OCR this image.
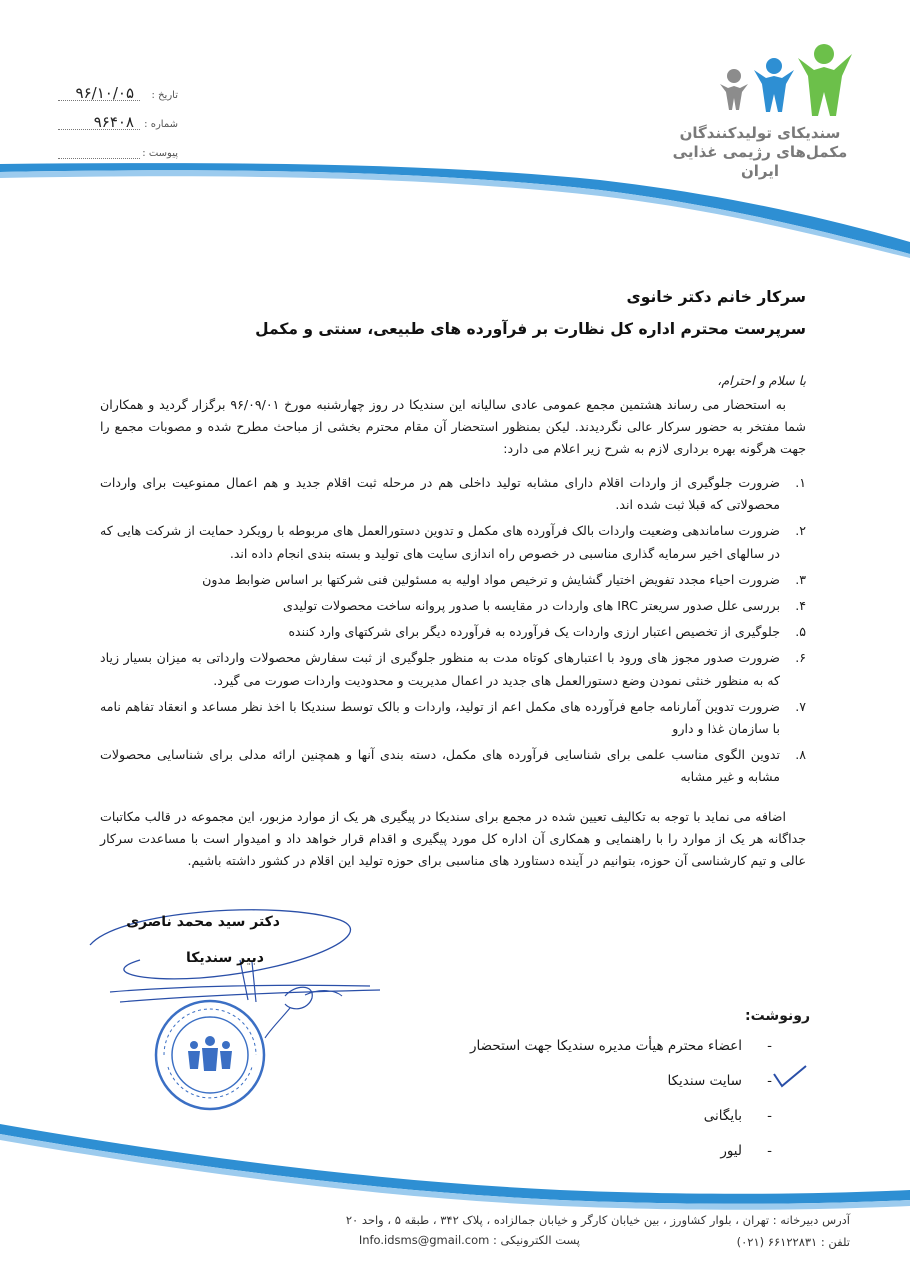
تاریخ :
۹۶/۱۰/۰۵
شماره :
۹۶۴۰۸
پیوست :
سندیکای تولیدکنندگان
مکمل‌های رژیمی غذایی
ایران
سرکار خانم دکتر خانوی
سرپرست محترم اداره کل نظارت بر فرآورده های طبیعی، سنتی و مکمل
با سلام و احترام،
به استحضار می رساند هشتمین مجمع عمومی عادی سالیانه این سندیکا در روز چهارشنبه مورخ ۹۶/۰۹/۰۱ برگزار گردید و همکاران شما مفتخر به حضور سرکار عالی نگردیدند. لیکن بمنظور استحضار آن مقام محترم بخشی از مباحث مطرح شده و مصوبات مجمع را جهت هرگونه بهره برداری لازم به شرح زیر اعلام می دارد:
۱.
ضرورت جلوگیری از واردات اقلام دارای مشابه تولید داخلی هم در مرحله ثبت اقلام جدید و هم اعمال ممنوعیت برای واردات محصولاتی که قبلا ثبت شده اند.
۲.
ضرورت ساماندهی وضعیت واردات بالک فرآورده های مکمل و تدوین دستورالعمل های مربوطه با رویکرد حمایت از شرکت هایی که در سالهای اخیر سرمایه گذاری مناسبی در خصوص راه اندازی سایت های تولید و بسته بندی انجام داده اند.
۳.
ضرورت احیاء مجدد تفویض اختیار گشایش و ترخیص مواد اولیه به مسئولین فنی شرکتها بر اساس ضوابط مدون
۴.
بررسی علل صدور سریعتر IRC های واردات در مقایسه با صدور پروانه ساخت محصولات تولیدی
۵.
جلوگیری از تخصیص اعتبار ارزی واردات یک فرآورده به فرآورده دیگر برای شرکتهای وارد کننده
۶.
ضرورت صدور مجوز های ورود با اعتبارهای کوتاه مدت به منظور جلوگیری از ثبت سفارش محصولات وارداتی به میزان بسیار زیاد که به منظور خنثی نمودن وضع دستورالعمل های جدید در اعمال مدیریت و محدودیت واردات صورت می گیرد.
۷.
ضرورت تدوین آمارنامه جامع فرآورده های مکمل اعم از تولید، واردات و بالک توسط سندیکا با اخذ نظر مساعد و انعقاد تفاهم نامه با سازمان غذا و دارو
۸.
تدوین الگوی مناسب علمی برای شناسایی فرآورده های مکمل، دسته بندی آنها و همچنین ارائه مدلی برای شناسایی محصولات مشابه و غیر مشابه
اضافه می نماید با توجه به تکالیف تعیین شده در مجمع برای سندیکا در پیگیری هر یک از موارد مزبور، این مجموعه در قالب مکاتبات جداگانه هر یک از موارد را با راهنمایی و همکاری آن اداره کل مورد پیگیری و اقدام قرار خواهد داد و امیدوار است با مساعدت سرکار عالی و تیم کارشناسی آن حوزه، بتوانیم در آینده دستاورد های مناسبی برای حوزه تولید این اقلام در کشور داشته باشیم.
دکتر سید محمد ناصری
دبیر سندیکا
رونوشت:
-
اعضاء محترم هیأت مدیره سندیکا جهت استحضار
-
سایت سندیکا
-
بایگانی
-
لیور
آدرس دبیرخانه : تهران ، بلوار کشاورز ، بین خیابان کارگر و خیابان جمالزاده ، پلاک ۳۴۲ ، طبقه ۵ ، واحد ۲۰
تلفن : ۶۶۱۲۲۸۳۱ (۰۲۱)
پست الکترونیکی : Info.idsms@gmail.com
